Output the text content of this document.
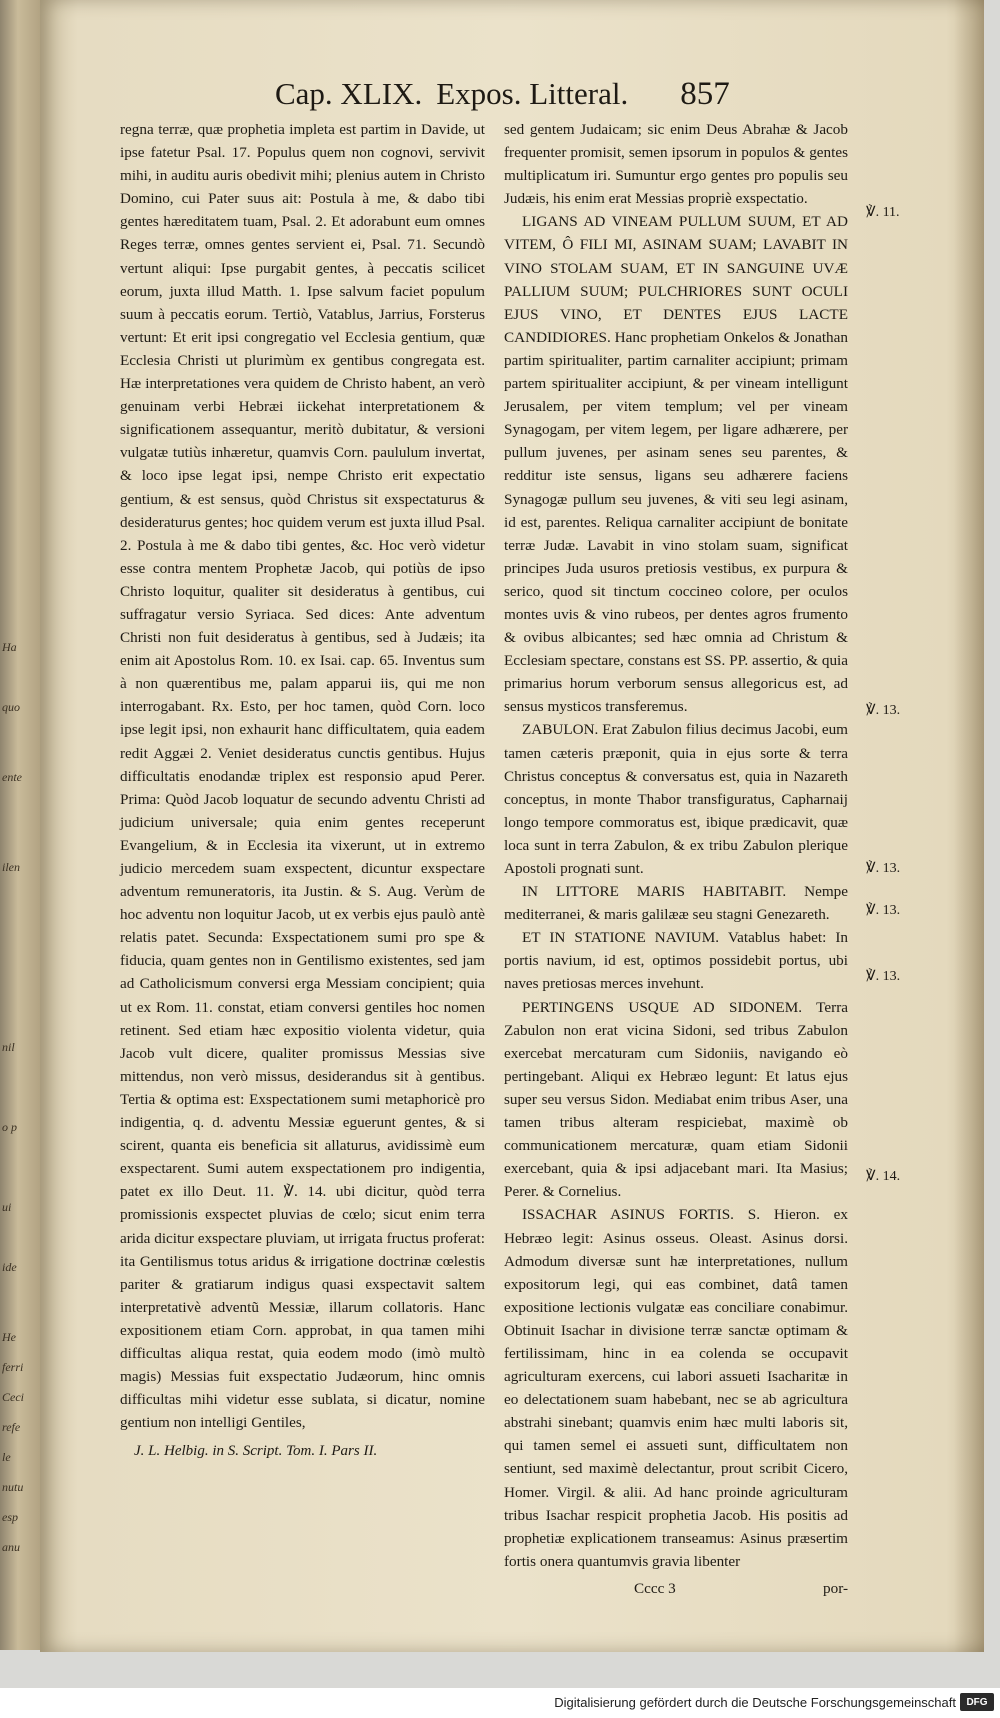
Ha
quo
ente
ilen
nil
o p
ui
ide
He
ferri
Ceci
refe
le
nutu
esp
anu
Cap. XLIX. Expos. Litteral. 857

regna terræ, quæ prophetia impleta est partim in Davide, ut ipse fatetur Psal. 17. Populus quem non cognovi, servivit mihi, in auditu auris obedivit mihi; plenius autem in Christo Domino, cui Pater suus ait: Postula à me, & dabo tibi gentes hæreditatem tuam, Psal. 2. Et adorabunt eum omnes Reges terræ, omnes gentes servient ei, Psal. 71. Secundò vertunt aliqui: Ipse purgabit gentes, à peccatis scilicet eorum, juxta illud Matth. 1. Ipse salvum faciet populum suum à peccatis eorum. Tertiò, Vatablus, Jarrius, Forsterus vertunt: Et erit ipsi congregatio vel Ecclesia gentium, quæ Ecclesia Christi ut plurimùm ex gentibus congregata est. Hæ interpretationes vera quidem de Christo habent, an verò genuinam verbi Hebræi iickehat interpretationem & significationem assequantur, meritò dubitatur, & versioni vulgatæ tutiùs inhæretur, quamvis Corn. paululum invertat, & loco ipse legat ipsi, nempe Christo erit expectatio gentium, & est sensus, quòd Christus sit exspectaturus & desideraturus gentes; hoc quidem verum est juxta illud Psal. 2. Postula à me & dabo tibi gentes, &c. Hoc verò videtur esse contra mentem Prophetæ Jacob, qui potiùs de ipso Christo loquitur, qualiter sit desideratus à gentibus, cui suffragatur versio Syriaca. Sed dices: Ante adventum Christi non fuit desideratus à gentibus, sed à Judæis; ita enim ait Apostolus Rom. 10. ex Isai. cap. 65. Inventus sum à non quærentibus me, palam apparui iis, qui me non interrogabant. Rx. Esto, per hoc tamen, quòd Corn. loco ipse legit ipsi, non exhaurit hanc difficultatem, quia eadem redit Aggæi 2. Veniet desideratus cunctis gentibus. Hujus difficultatis enodandæ triplex est responsio apud Perer. Prima: Quòd Jacob loquatur de secundo adventu Christi ad judicium universale; quia enim gentes receperunt Evangelium, & in Ecclesia ita vixerunt, ut in extremo judicio mercedem suam exspectent, dicuntur exspectare adventum remuneratoris, ita Justin. & S. Aug. Verùm de hoc adventu non loquitur Jacob, ut ex verbis ejus paulò antè relatis patet. Secunda: Exspectationem sumi pro spe & fiducia, quam gentes non in Gentilismo existentes, sed jam ad Catholicismum conversi erga Messiam concipient; quia ut ex Rom. 11. constat, etiam conversi gentiles hoc nomen retinent. Sed etiam hæc expositio violenta videtur, quia Jacob vult dicere, qualiter promissus Messias sive mittendus, non verò missus, desiderandus sit à gentibus. Tertia & optima est: Exspectationem sumi metaphoricè pro indigentia, q. d. adventu Messiæ eguerunt gentes, & si scirent, quanta eis beneficia sit allaturus, avidissimè eum exspectarent. Sumi autem exspectationem pro indigentia, patet ex illo Deut. 11. ℣. 14. ubi dicitur, quòd terra promissionis exspectet pluvias de cœlo; sicut enim terra arida dicitur exspectare pluviam, ut irrigata fructus proferat: ita Gentilismus totus aridus & irrigatione doctrinæ cœlestis pariter & gratiarum indigus quasi exspectavit saltem interpretativè adventũ Messiæ, illarum collatoris. Hanc expositionem etiam Corn. approbat, in qua tamen mihi difficultas aliqua restat, quia eodem modo (imò multò magis) Messias fuit exspectatio Judæorum, hinc omnis difficultas mihi videtur esse sublata, si dicatur, nomine gentium non intelligi Gentiles,

J. L. Helbig. in S. Script. Tom. I. Pars II.

sed gentem Judaicam; sic enim Deus Abrahæ & Jacob frequenter promisit, semen ipsorum in populos & gentes multiplicatum iri. Sumuntur ergo gentes pro populis seu Judæis, his enim erat Messias propriè exspectatio.

LIGANS AD VINEAM PULLUM SUUM, ET AD VITEM, Ô FILI MI, ASINAM SUAM; LAVABIT IN VINO STOLAM SUAM, ET IN SANGUINE UVÆ PALLIUM SUUM; PULCHRIORES SUNT OCULI EJUS VINO, ET DENTES EJUS LACTE CANDIDIORES. Hanc prophetiam Onkelos & Jonathan partim spiritualiter, partim carnaliter accipiunt; primam partem spiritualiter accipiunt, & per vineam intelligunt Jerusalem, per vitem templum; vel per vineam Synagogam, per vitem legem, per ligare adhærere, per pullum juvenes, per asinam senes seu parentes, & redditur iste sensus, ligans seu adhærere faciens Synagogæ pullum seu juvenes, & viti seu legi asinam, id est, parentes. Reliqua carnaliter accipiunt de bonitate terræ Judæ. Lavabit in vino stolam suam, significat principes Juda usuros pretiosis vestibus, ex purpura & serico, quod sit tinctum coccineo colore, per oculos montes uvis & vino rubeos, per dentes agros frumento & ovibus albicantes; sed hæc omnia ad Christum & Ecclesiam spectare, constans est SS. PP. assertio, & quia primarius horum verborum sensus allegoricus est, ad sensus mysticos transferemus.

ZABULON. Erat Zabulon filius decimus Jacobi, eum tamen cæteris præponit, quia in ejus sorte & terra Christus conceptus & conversatus est, quia in Nazareth conceptus, in monte Thabor transfiguratus, Capharnaij longo tempore commoratus est, ibique prædicavit, quæ loca sunt in terra Zabulon, & ex tribu Zabulon plerique Apostoli prognati sunt.

IN LITTORE MARIS HABITABIT. Nempe mediterranei, & maris galilææ seu stagni Genezareth.

ET IN STATIONE NAVIUM. Vatablus habet: In portis navium, id est, optimos possidebit portus, ubi naves pretiosas merces invehunt.

PERTINGENS USQUE AD SIDONEM. Terra Zabulon non erat vicina Sidoni, sed tribus Zabulon exercebat mercaturam cum Sidoniis, navigando eò pertingebant. Aliqui ex Hebræo legunt: Et latus ejus super seu versus Sidon. Mediabat enim tribus Aser, una tamen tribus alteram respiciebat, maximè ob communicationem mercaturæ, quam etiam Sidonii exercebant, quia & ipsi adjacebant mari. Ita Masius; Perer. & Cornelius.

ISSACHAR ASINUS FORTIS. S. Hieron. ex Hebræo legit: Asinus osseus. Oleast. Asinus dorsi. Admodum diversæ sunt hæ interpretationes, nullum expositorum legi, qui eas combinet, datâ tamen expositione lectionis vulgatæ eas conciliare conabimur. Obtinuit Isachar in divisione terræ sanctæ optimam & fertilissimam, hinc in ea colenda se occupavit agriculturam exercens, cui labori assueti Isacharitæ in eo delectationem suam habebant, nec se ab agricultura abstrahi sinebant; quamvis enim hæc multi laboris sit, qui tamen semel ei assueti sunt, difficultatem non sentiunt, sed maximè delectantur, prout scribit Cicero, Homer. Virgil. & alii. Ad hanc proinde agriculturam tribus Isachar respicit prophetia Jacob. His positis ad prophetiæ explicationem transeamus: Asinus præsertim fortis onera quantumvis gravia libenter

Cccc 3	por-
℣. 11.
℣. 13.
℣. 13.
℣. 13.
℣. 13.
℣. 14.
Digitalisierung gefördert durch die Deutsche Forschungsgemeinschaft	DFG
